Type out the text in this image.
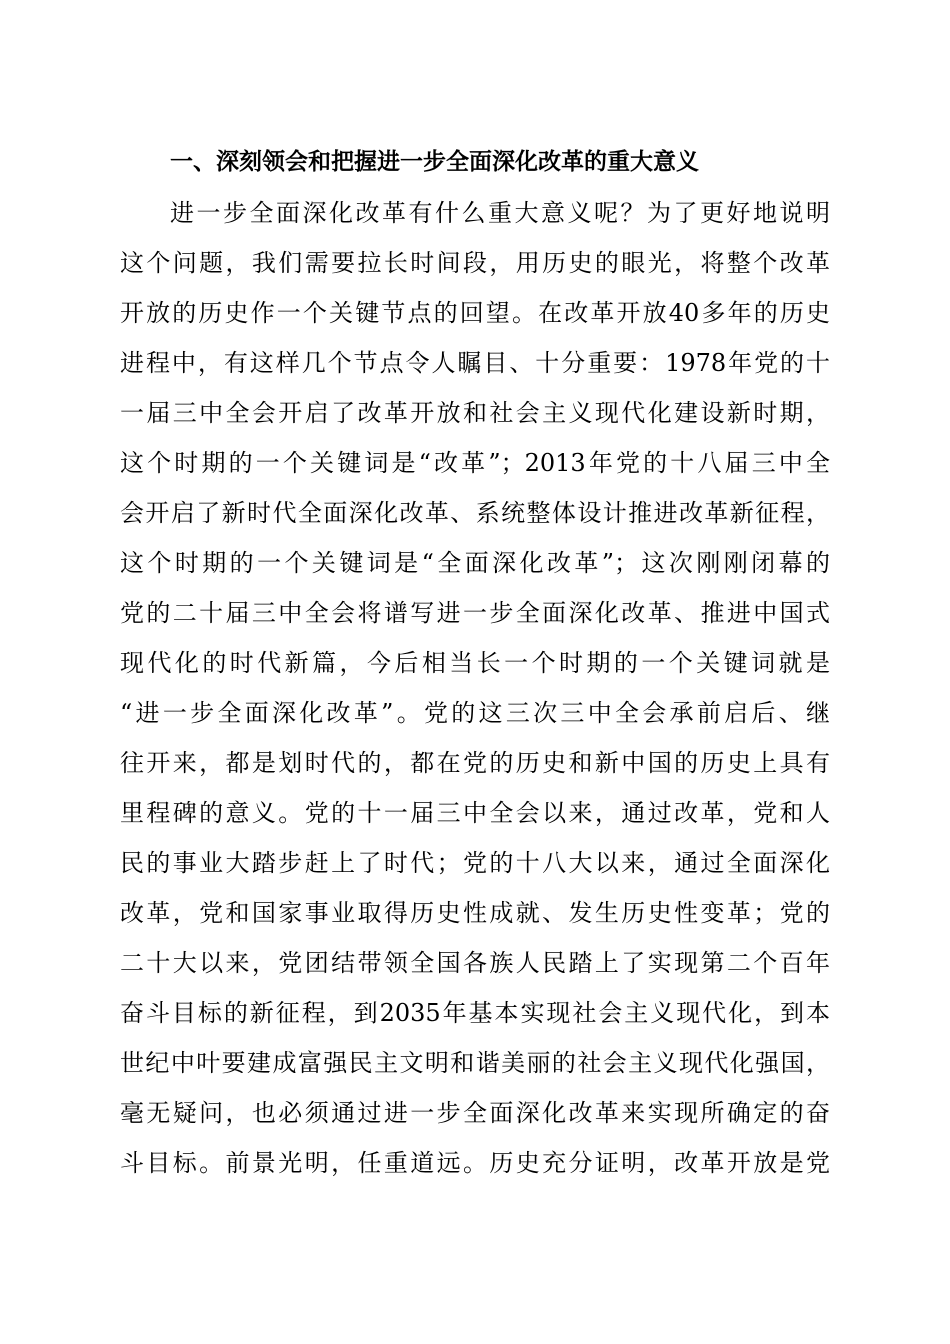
一、深刻领会和把握进一步全面深化改革的重大意义
进一步全面深化改革有什么重大意义呢？为了更好地说明
这个问题，我们需要拉长时间段，用历史的眼光，将整个改革
开放的历史作一个关键节点的回望。在改革开放40多年的历史
进程中，有这样几个节点令人瞩目、十分重要：1978年党的十
一届三中全会开启了改革开放和社会主义现代化建设新时期，
这个时期的一个关键词是“改革”；2013年党的十八届三中全
会开启了新时代全面深化改革、系统整体设计推进改革新征程，
这个时期的一个关键词是“全面深化改革”；这次刚刚闭幕的
党的二十届三中全会将谱写进一步全面深化改革、推进中国式
现代化的时代新篇，今后相当长一个时期的一个关键词就是
“进一步全面深化改革”。党的这三次三中全会承前启后、继
往开来，都是划时代的，都在党的历史和新中国的历史上具有
里程碑的意义。党的十一届三中全会以来，通过改革，党和人
民的事业大踏步赶上了时代；党的十八大以来，通过全面深化
改革，党和国家事业取得历史性成就、发生历史性变革；党的
二十大以来，党团结带领全国各族人民踏上了实现第二个百年
奋斗目标的新征程，到2035年基本实现社会主义现代化，到本
世纪中叶要建成富强民主文明和谐美丽的社会主义现代化强国，
毫无疑问，也必须通过进一步全面深化改革来实现所确定的奋
斗目标。前景光明，任重道远。历史充分证明，改革开放是党
